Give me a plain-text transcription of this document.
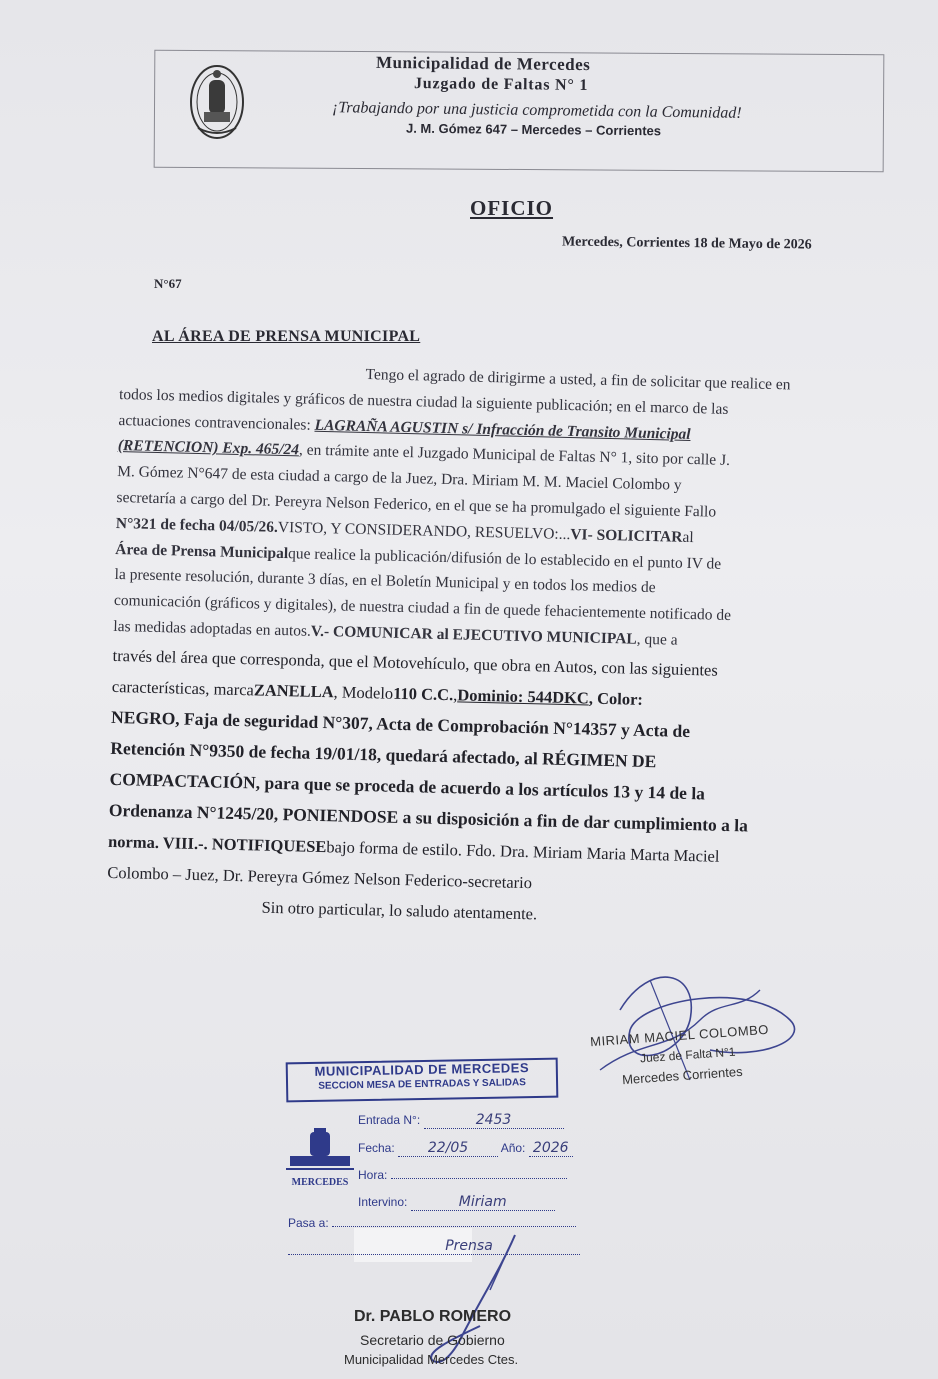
Municipalidad de Mercedes
Juzgado de Faltas N° 1
¡Trabajando por una justicia comprometida con la Comunidad!
J. M. Gómez 647 – Mercedes – Corrientes
OFICIO
Mercedes, Corrientes 18 de Mayo de 2026
N°67
AL ÁREA DE PRENSA MUNICIPAL
Tengo el agrado de dirigirme a usted, a fin de solicitar que realice en
todos los medios digitales y gráficos de nuestra ciudad la siguiente publicación; en el marco de las
actuaciones contravencionales:
LAGRAÑA AGUSTIN s/ Infracción de Transito Municipal
(RETENCION) Exp. 465/24 , en trámite ante el Juzgado Municipal de Faltas N° 1, sito por calle J.
M. Gómez N°647 de esta ciudad a cargo de la Juez, Dra. Miriam M. M. Maciel Colombo y
secretaría a cargo del Dr. Pereyra Nelson Federico, en el que se ha promulgado el siguiente Fallo
N°321 de fecha 04/05/26. VISTO, Y CONSIDERANDO, RESUELVO:... VI- SOLICITAR al
Área de Prensa Municipal que realice la publicación/difusión de lo establecido en el punto IV de
la presente resolución, durante 3 días, en el Boletín Municipal y en todos los medios de
comunicación (gráficos y digitales), de nuestra ciudad a fin de quede fehacientemente notificado de
las medidas adoptadas en autos. V.- COMUNICAR al EJECUTIVO MUNICIPAL , que a
través del área que corresponda, que el Motovehículo, que obra en Autos, con las siguientes
características, marca ZANELLA , Modelo 110 C.C. , Dominio: 544DKC , Color:
NEGRO, Faja de seguridad N°307, Acta de Comprobación N°14357 y Acta de
Retención N°9350 de fecha 19/01/18, quedará afectado, al RÉGIMEN DE
COMPACTACIÓN, para que se proceda de acuerdo a los artículos 13 y 14 de la
Ordenanza N°1245/20, PONIENDOSE a su disposición a fin de dar cumplimiento a la
norma. VIII.-. NOTIFIQUESE bajo forma de estilo. Fdo. Dra. Miriam Maria Marta Maciel
Colombo – Juez, Dr. Pereyra Gómez Nelson Federico-secretario
Sin otro particular, lo saludo atentamente.
MIRIAM MACIEL COLOMBO
Juez de Falta N°1
Mercedes Corrientes
MUNICIPALIDAD DE MERCEDES
SECCION MESA DE ENTRADAS Y SALIDAS
MERCEDES
Entrada N°:	2453
Fecha: 22/05	Año: 2026
Hora:
Intervino:	Miriam
Pasa a:
Prensa
Dr. PABLO ROMERO
Secretario de Gobierno
Municipalidad Mercedes Ctes.
